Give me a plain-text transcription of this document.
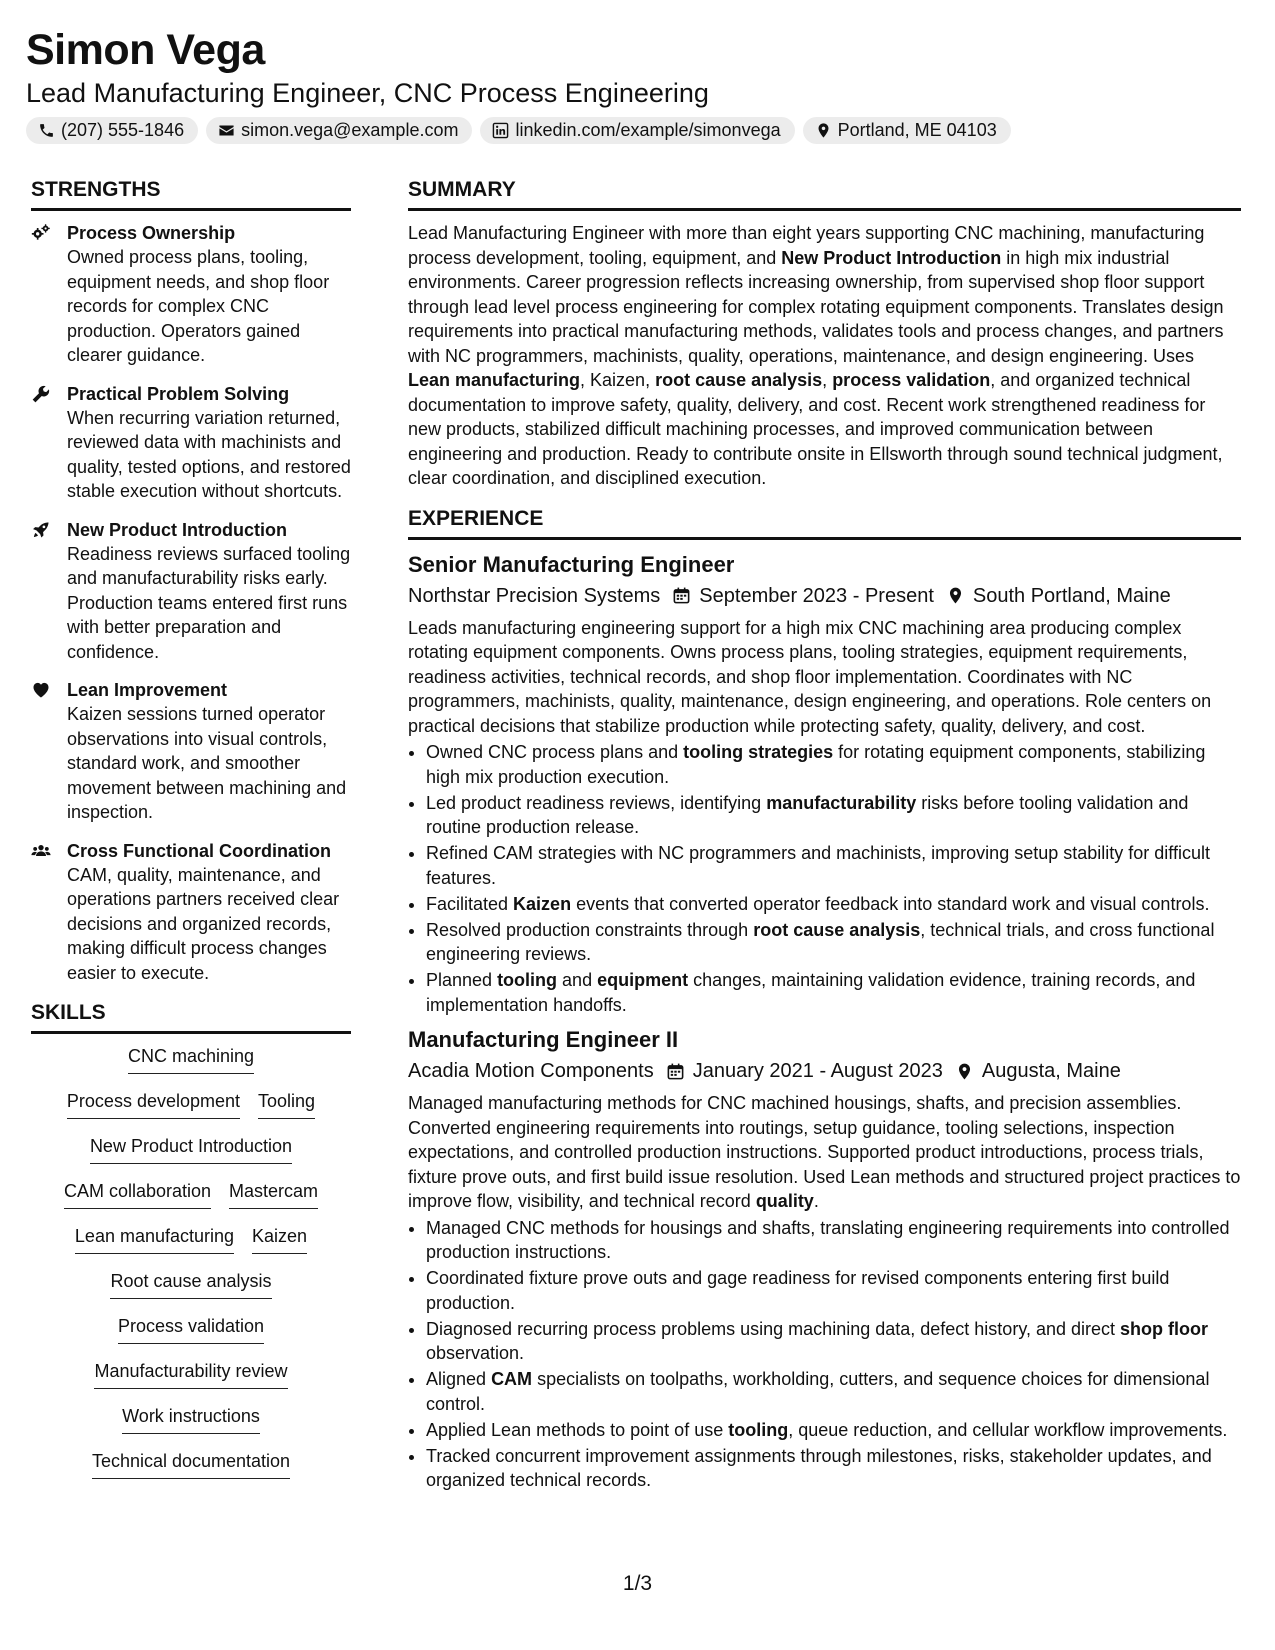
Simon Vega
Lead Manufacturing Engineer, CNC Process Engineering
(207) 555-1846	simon.vega@example.com	linkedin.com/example/simonvega	Portland, ME 04103
STRENGTHS
Process Ownership
Owned process plans, tooling, equipment needs, and shop floor records for complex CNC production. Operators gained clearer guidance.
Practical Problem Solving
When recurring variation returned, reviewed data with machinists and quality, tested options, and restored stable execution without shortcuts.
New Product Introduction
Readiness reviews surfaced tooling and manufacturability risks early. Production teams entered first runs with better preparation and confidence.
Lean Improvement
Kaizen sessions turned operator observations into visual controls, standard work, and smoother movement between machining and inspection.
Cross Functional Coordination
CAM, quality, maintenance, and operations partners received clear decisions and organized records, making difficult process changes easier to execute.
SKILLS
CNC machining
Process development Tooling
New Product Introduction
CAM collaboration Mastercam
Lean manufacturing Kaizen
Root cause analysis
Process validation
Manufacturability review
Work instructions
Technical documentation
SUMMARY
Lead Manufacturing Engineer with more than eight years supporting CNC machining, manufacturing process development, tooling, equipment, and New Product Introduction in high mix industrial environments. Career progression reflects increasing ownership, from supervised shop floor support through lead level process engineering for complex rotating equipment components. Translates design requirements into practical manufacturing methods, validates tools and process changes, and partners with NC programmers, machinists, quality, operations, maintenance, and design engineering. Uses Lean manufacturing, Kaizen, root cause analysis, process validation, and organized technical documentation to improve safety, quality, delivery, and cost. Recent work strengthened readiness for new products, stabilized difficult machining processes, and improved communication between engineering and production. Ready to contribute onsite in Ellsworth through sound technical judgment, clear coordination, and disciplined execution.
EXPERIENCE
Senior Manufacturing Engineer
Northstar Precision Systems September 2023 - Present South Portland, Maine
Leads manufacturing engineering support for a high mix CNC machining area producing complex rotating equipment components. Owns process plans, tooling strategies, equipment requirements, readiness activities, technical records, and shop floor implementation. Coordinates with NC programmers, machinists, quality, maintenance, design engineering, and operations. Role centers on practical decisions that stabilize production while protecting safety, quality, delivery, and cost.
• Owned CNC process plans and tooling strategies for rotating equipment components, stabilizing high mix production execution.
• Led product readiness reviews, identifying manufacturability risks before tooling validation and routine production release.
• Refined CAM strategies with NC programmers and machinists, improving setup stability for difficult features.
• Facilitated Kaizen events that converted operator feedback into standard work and visual controls.
• Resolved production constraints through root cause analysis, technical trials, and cross functional engineering reviews.
• Planned tooling and equipment changes, maintaining validation evidence, training records, and implementation handoffs.
Manufacturing Engineer II
Acadia Motion Components January 2021 - August 2023 Augusta, Maine
Managed manufacturing methods for CNC machined housings, shafts, and precision assemblies. Converted engineering requirements into routings, setup guidance, tooling selections, inspection expectations, and controlled production instructions. Supported product introductions, process trials, fixture prove outs, and first build issue resolution. Used Lean methods and structured project practices to improve flow, visibility, and technical record quality.
• Managed CNC methods for housings and shafts, translating engineering requirements into controlled production instructions.
• Coordinated fixture prove outs and gage readiness for revised components entering first build production.
• Diagnosed recurring process problems using machining data, defect history, and direct shop floor observation.
• Aligned CAM specialists on toolpaths, workholding, cutters, and sequence choices for dimensional control.
• Applied Lean methods to point of use tooling, queue reduction, and cellular workflow improvements.
• Tracked concurrent improvement assignments through milestones, risks, stakeholder updates, and organized technical records.
1/3
